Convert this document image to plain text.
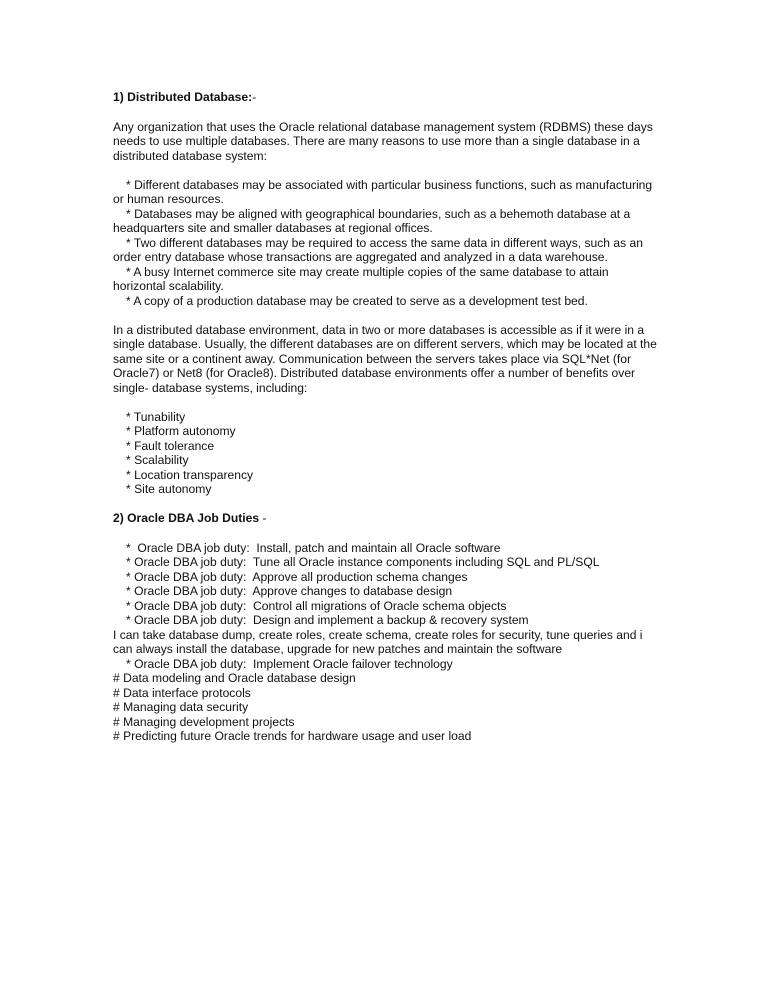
1) Distributed Database:-

Any organization that uses the Oracle relational database management system (RDBMS) these days needs to use multiple databases. There are many reasons to use more than a single database in a distributed database system:

* Different databases may be associated with particular business functions, such as manufacturing or human resources.

* Databases may be aligned with geographical boundaries, such as a behemoth database at a headquarters site and smaller databases at regional offices.

* Two different databases may be required to access the same data in different ways, such as an order entry database whose transactions are aggregated and analyzed in a data warehouse.

* A busy Internet commerce site may create multiple copies of the same database to attain horizontal scalability.

* A copy of a production database may be created to serve as a development test bed.

In a distributed database environment, data in two or more databases is accessible as if it were in a single database. Usually, the different databases are on different servers, which may be located at the same site or a continent away. Communication between the servers takes place via SQL*Net (for Oracle7) or Net8 (for Oracle8). Distributed database environments offer a number of benefits over single- database systems, including:

* Tunability

* Platform autonomy

* Fault tolerance

* Scalability

* Location transparency

* Site autonomy

2) Oracle DBA Job Duties -

*  Oracle DBA job duty:  Install, patch and maintain all Oracle software

* Oracle DBA job duty:  Tune all Oracle instance components including SQL and PL/SQL

* Oracle DBA job duty:  Approve all production schema changes

* Oracle DBA job duty:  Approve changes to database design

* Oracle DBA job duty:  Control all migrations of Oracle schema objects

* Oracle DBA job duty:  Design and implement a backup & recovery system

I can take database dump, create roles, create schema, create roles for security, tune queries and i can always install the database, upgrade for new patches and maintain the software

* Oracle DBA job duty:  Implement Oracle failover technology

# Data modeling and Oracle database design

# Data interface protocols

# Managing data security

# Managing development projects

# Predicting future Oracle trends for hardware usage and user load
